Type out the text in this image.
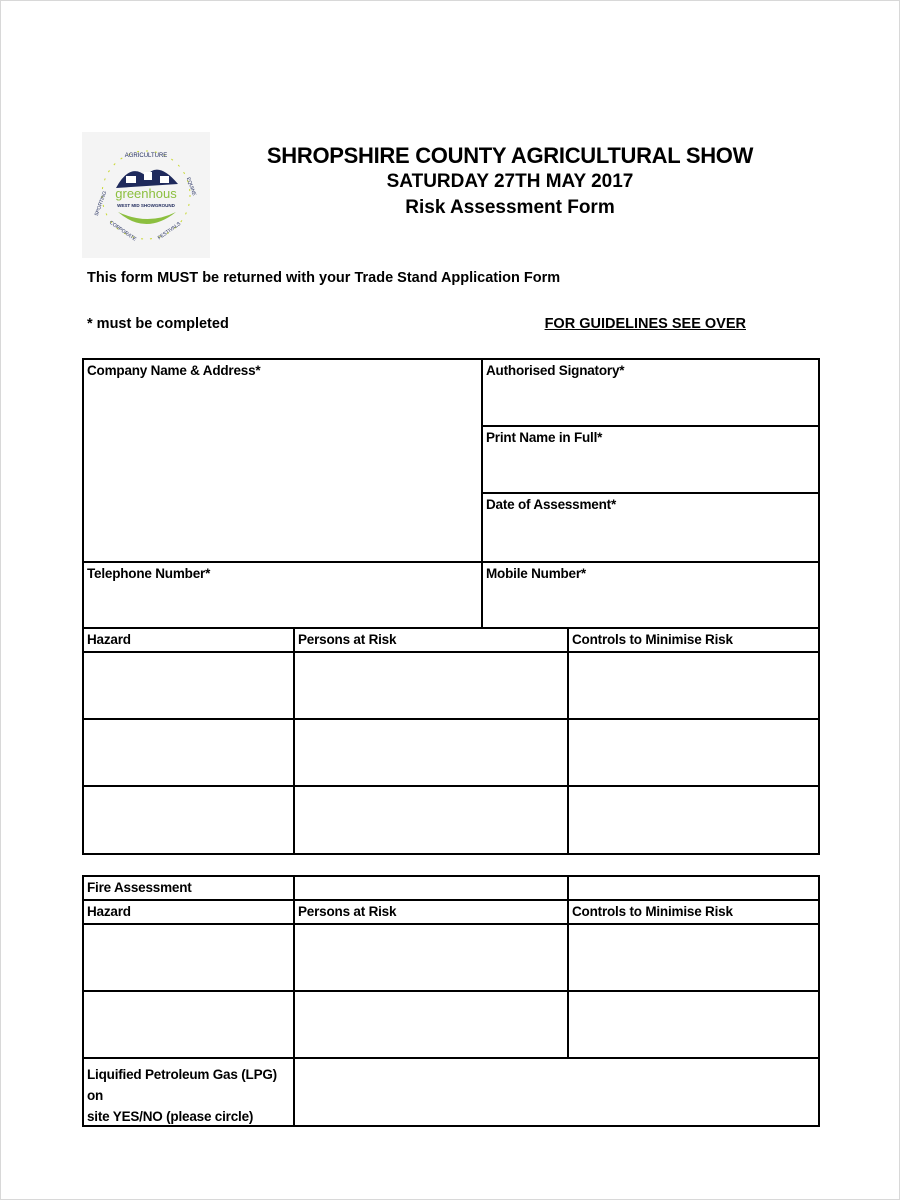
AGRICULTURE
SPORTING
EQUINE
greenhous
WEST MID SHOWGROUND
CORPORATE	FESTIVALS
SHROPSHIRE COUNTY AGRICULTURAL SHOW
SATURDAY 27TH MAY 2017
Risk Assessment Form
This form MUST be returned with your Trade Stand Application Form
* must be completed	FOR GUIDELINES SEE OVER
Company Name & Address*	Authorised Signatory*
Print Name in Full*
Date of Assessment*
Telephone Number*	Mobile Number*
Hazard	Persons at Risk	Controls to Minimise Risk
Fire Assessment
Hazard	Persons at Risk	Controls to Minimise Risk
Liquified Petroleum Gas (LPG) on
site YES/NO (please circle)
